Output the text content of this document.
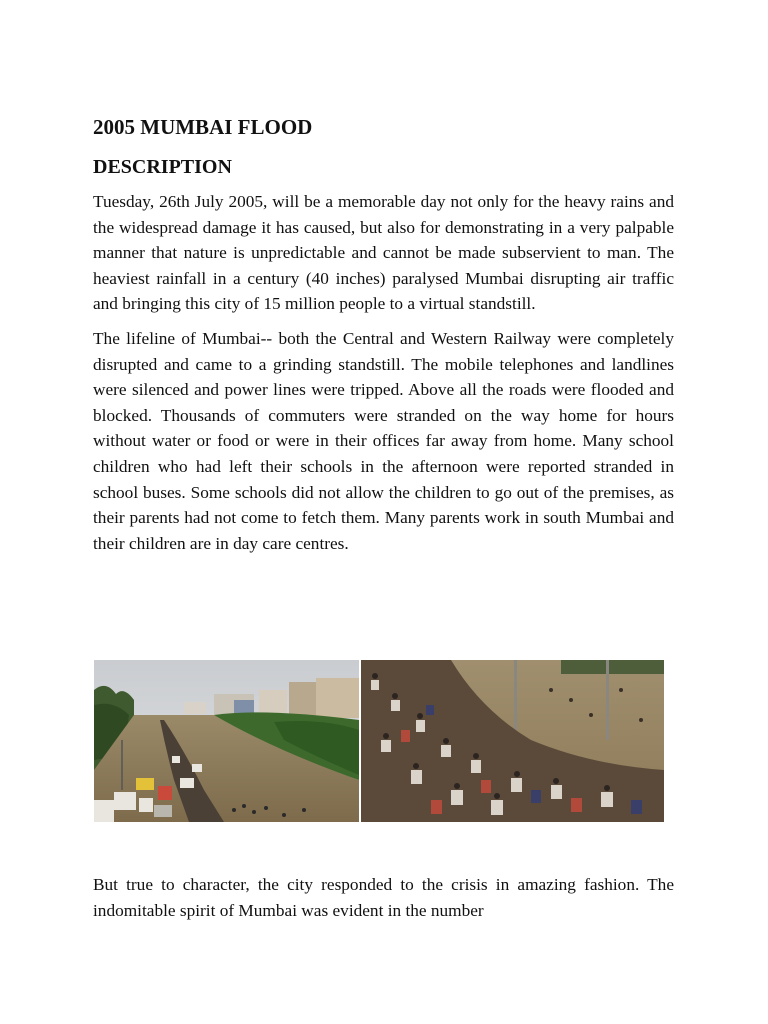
2005 MUMBAI FLOOD
DESCRIPTION

Tuesday, 26th July 2005, will be a memorable day not only for the heavy rains and the widespread damage it has caused, but also for demonstrating in a very palpable manner that nature is unpredictable and cannot be made subservient to man. The heaviest rainfall in a century (40 inches) paralysed Mumbai disrupting air traffic and bringing this city of 15 million people to a virtual standstill.

The lifeline of Mumbai-- both the Central and Western Railway were completely disrupted and came to a grinding standstill. The mobile telephones and landlines were silenced and power lines were tripped. Above all the roads were flooded and blocked. Thousands of commuters were stranded on the way home for hours without water or food or were in their offices far away from home. Many school children who had left their schools in the afternoon were reported stranded in school buses. Some schools did not allow the children to go out of the premises, as their parents had not come to fetch them. Many parents work in south Mumbai and their children are in day care centres.

But true to character, the city responded to the crisis in amazing fashion. The indomitable spirit of Mumbai was evident in the number
